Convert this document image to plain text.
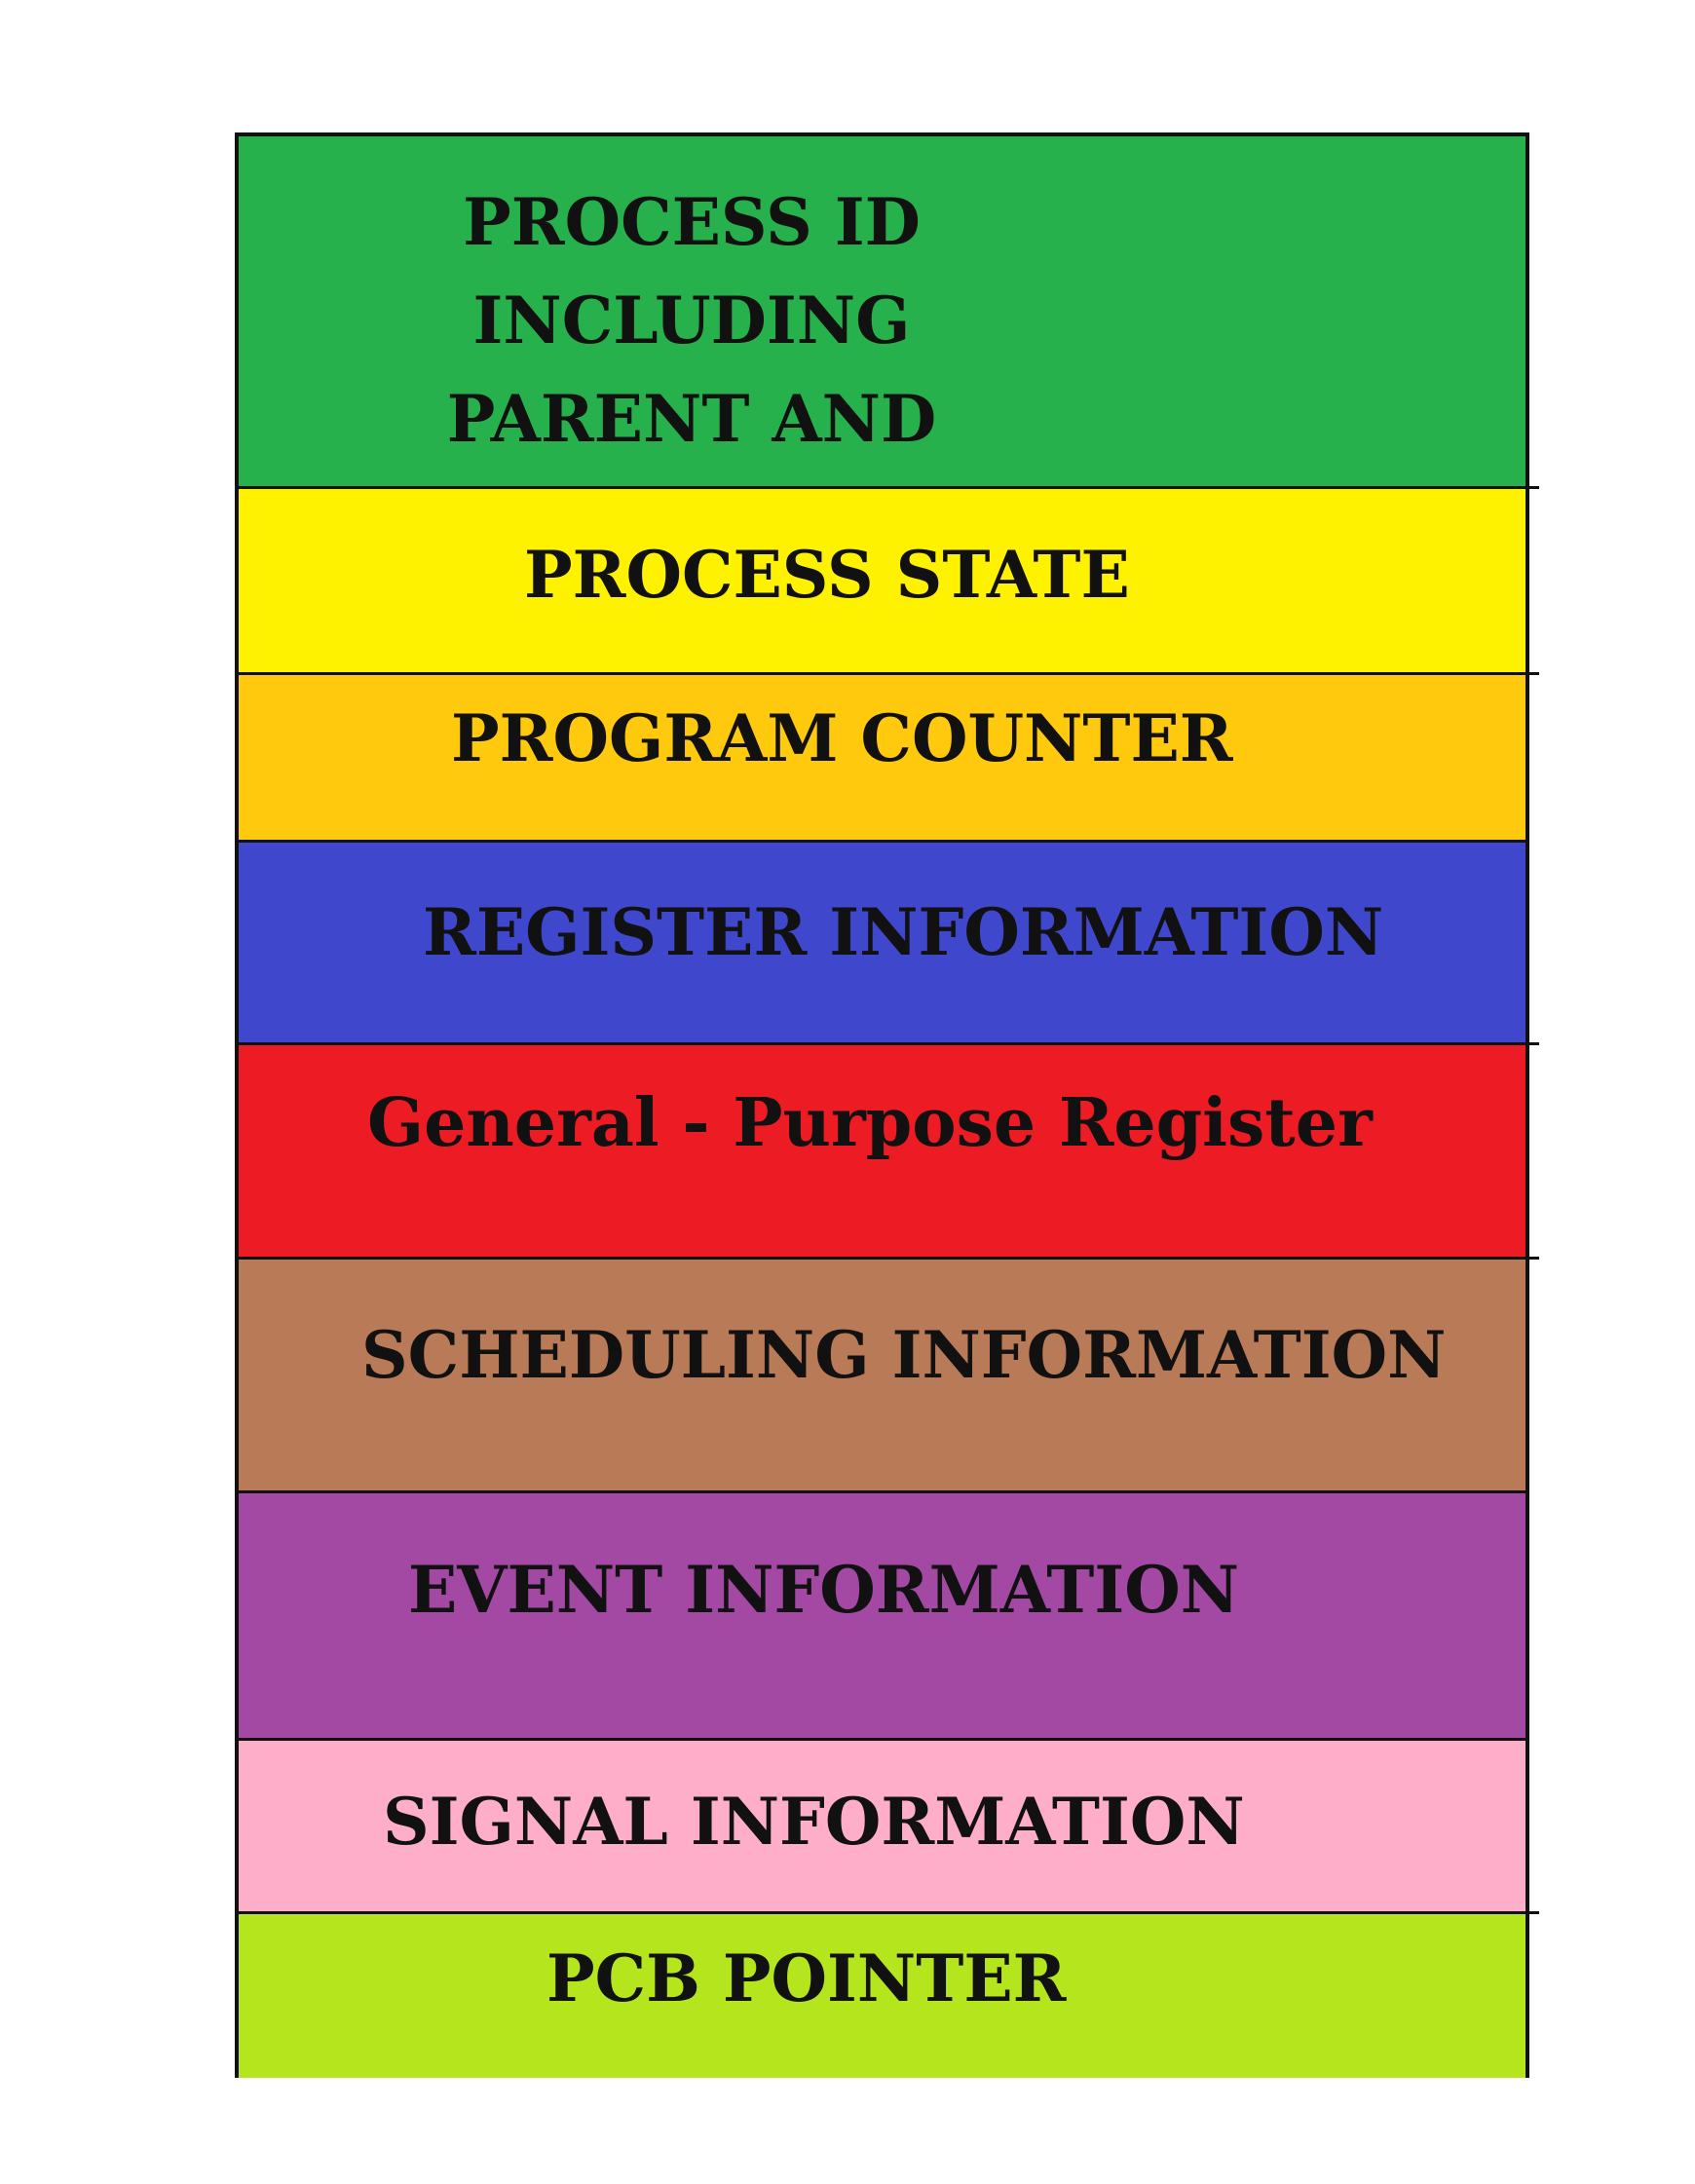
PROCESS ID INCLUDING
PARENT AND

PROCESS STATE
PROGRAM COUNTER
REGISTER INFORMATION
General - Purpose Register
SCHEDULING INFORMATION
EVENT INFORMATION
SIGNAL INFORMATION
PCB POINTER
